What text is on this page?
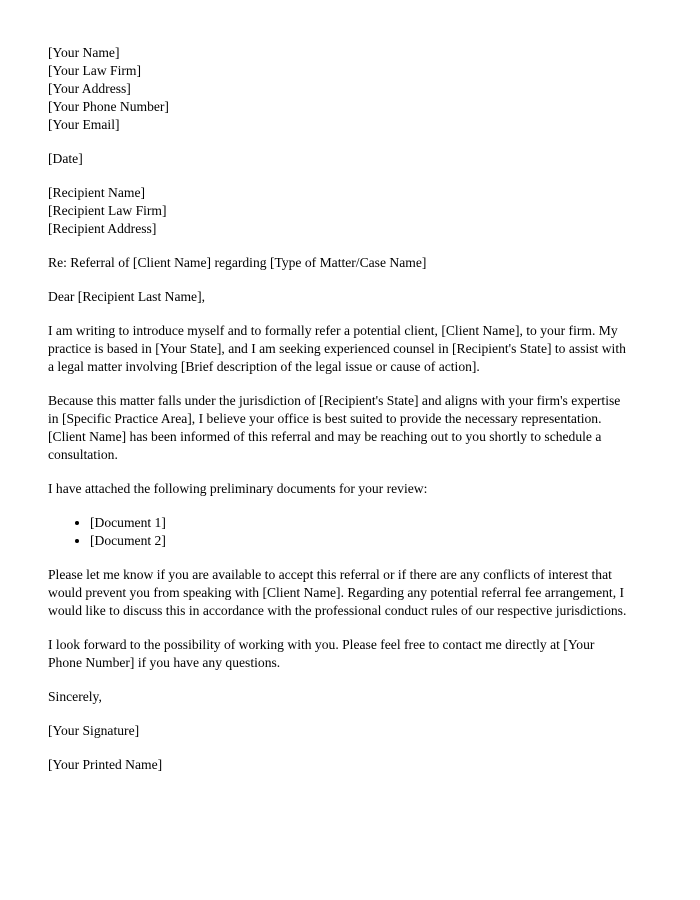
[Your Name]
[Your Law Firm]
[Your Address]
[Your Phone Number]
[Your Email]
[Date]
[Recipient Name]
[Recipient Law Firm]
[Recipient Address]
Re: Referral of [Client Name] regarding [Type of Matter/Case Name]
Dear [Recipient Last Name],
I am writing to introduce myself and to formally refer a potential client, [Client Name], to your firm. My practice is based in [Your State], and I am seeking experienced counsel in [Recipient's State] to assist with a legal matter involving [Brief description of the legal issue or cause of action].
Because this matter falls under the jurisdiction of [Recipient's State] and aligns with your firm's expertise in [Specific Practice Area], I believe your office is best suited to provide the necessary representation. [Client Name] has been informed of this referral and may be reaching out to you shortly to schedule a consultation.
I have attached the following preliminary documents for your review:
• [Document 1]
• [Document 2]
Please let me know if you are available to accept this referral or if there are any conflicts of interest that would prevent you from speaking with [Client Name]. Regarding any potential referral fee arrangement, I would like to discuss this in accordance with the professional conduct rules of our respective jurisdictions.
I look forward to the possibility of working with you. Please feel free to contact me directly at [Your Phone Number] if you have any questions.
Sincerely,
[Your Signature]
[Your Printed Name]
